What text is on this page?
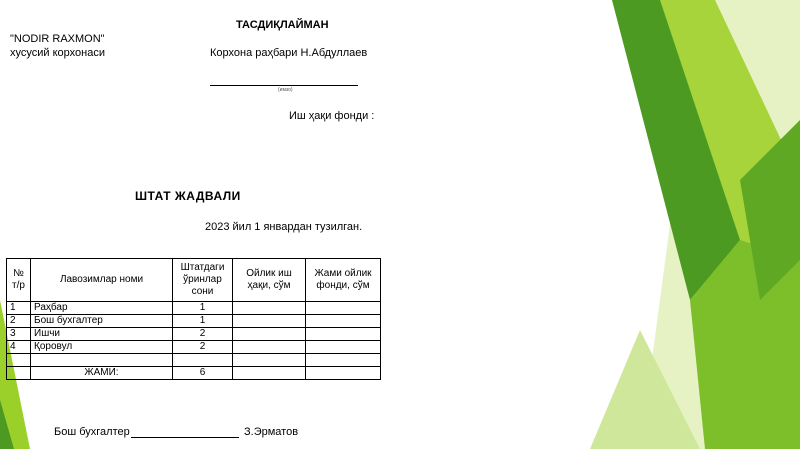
ТАСДИҚЛАЙМАН
"NODIR RAXMON"
хусусий корхонаси	Корхона раҳбари Н.Абдуллаев
(имзо)
Иш ҳақи фонди :
ШТАТ ЖАДВАЛИ
2023 йил 1 январдан тузилган.
№ т/р	Лавозимлар номи	Штатдаги ўринлар сони	Ойлик иш ҳақи, сўм	Жами ойлик фонди, сўм
1	Раҳбар	1		
2	Бош бухгалтер	1		
3	Ишчи	2		
4	Қоровул	2		

	ЖАМИ:	6		
Бош бухгалтер	З.Эрматов
